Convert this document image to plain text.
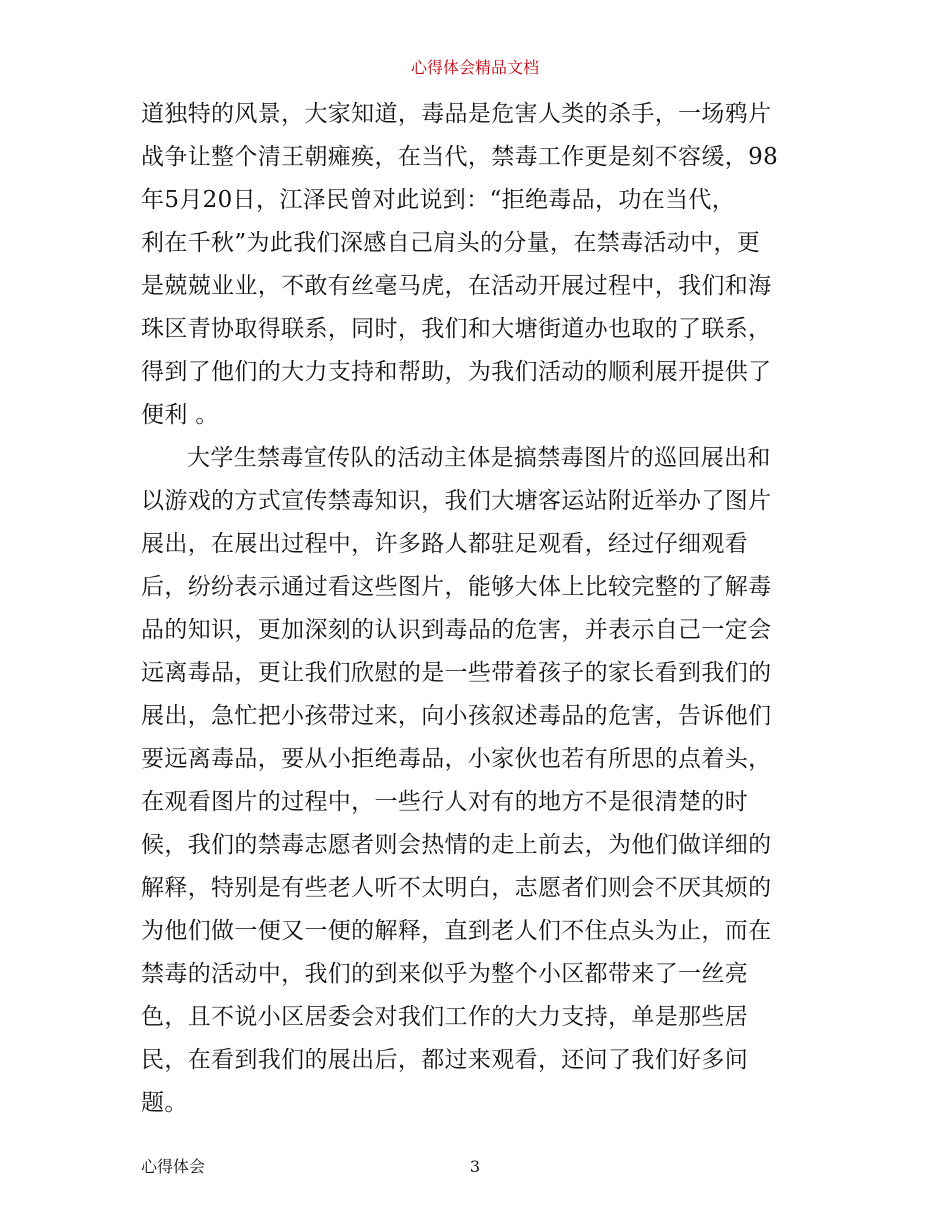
心得体会精品文档
道独特的风景，大家知道，毒品是危害人类的杀手，一场鸦片
战争让整个清王朝瘫痪，在当代，禁毒工作更是刻不容缓，98
年5月20日，江泽民曾对此说到：“拒绝毒品，功在当代，
利在千秋”为此我们深感自己肩头的分量，在禁毒活动中，更
是兢兢业业，不敢有丝毫马虎，在活动开展过程中，我们和海
珠区青协取得联系，同时，我们和大塘街道办也取的了联系，
得到了他们的大力支持和帮助，为我们活动的顺利展开提供了
便利 。
大学生禁毒宣传队的活动主体是搞禁毒图片的巡回展出和
以游戏的方式宣传禁毒知识，我们大塘客运站附近举办了图片
展出，在展出过程中，许多路人都驻足观看，经过仔细观看
后，纷纷表示通过看这些图片，能够大体上比较完整的了解毒
品的知识，更加深刻的认识到毒品的危害，并表示自己一定会
远离毒品，更让我们欣慰的是一些带着孩子的家长看到我们的
展出，急忙把小孩带过来，向小孩叙述毒品的危害，告诉他们
要远离毒品，要从小拒绝毒品，小家伙也若有所思的点着头，
在观看图片的过程中，一些行人对有的地方不是很清楚的时
候，我们的禁毒志愿者则会热情的走上前去，为他们做详细的
解释，特别是有些老人听不太明白，志愿者们则会不厌其烦的
为他们做一便又一便的解释，直到老人们不住点头为止，而在
禁毒的活动中，我们的到来似乎为整个小区都带来了一丝亮
色，且不说小区居委会对我们工作的大力支持，单是那些居
民，在看到我们的展出后，都过来观看，还问了我们好多问
题。
心得体会	3
